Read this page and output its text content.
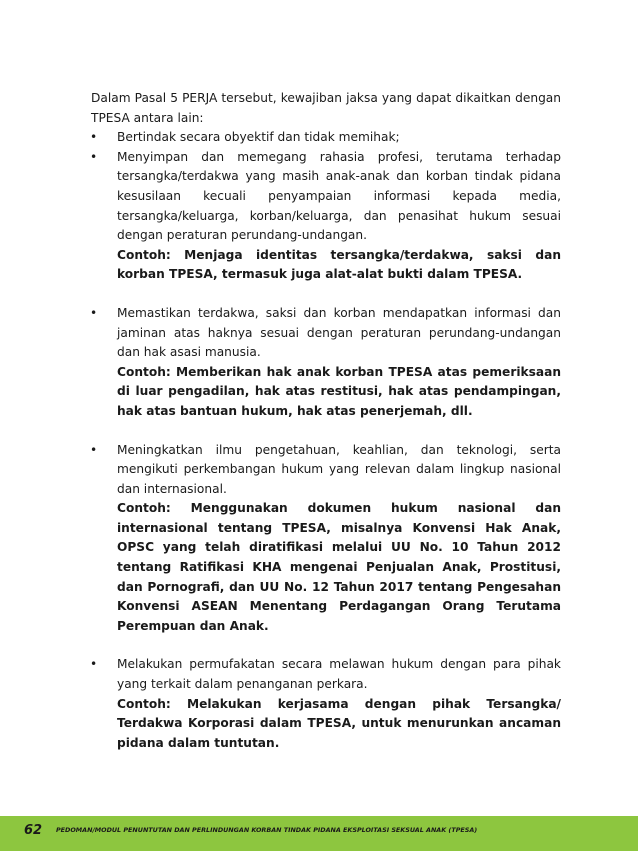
Dalam Pasal 5 PERJA tersebut, kewajiban jaksa yang dapat dikaitkan dengan TPESA antara lain:
• Bertindak secara obyektif dan tidak memihak;
• Menyimpan dan memegang rahasia profesi, terutama terhadap tersangka/terdakwa yang masih anak-anak dan korban tindak pidana kesusilaan kecuali penyampaian informasi kepada media, tersangka/keluarga, korban/keluarga, dan penasihat hukum sesuai dengan peraturan perundang-undangan.
Contoh: Menjaga identitas tersangka/terdakwa, saksi dan korban TPESA, termasuk juga alat-alat bukti dalam TPESA.
• Memastikan terdakwa, saksi dan korban mendapatkan informasi dan jaminan atas haknya sesuai dengan peraturan perundang-undangan dan hak asasi manusia.
Contoh: Memberikan hak anak korban TPESA atas pemeriksaan di luar pengadilan, hak atas restitusi, hak atas pendampingan, hak atas bantuan hukum, hak atas penerjemah, dll.
• Meningkatkan ilmu pengetahuan, keahlian, dan teknologi, serta mengikuti perkembangan hukum yang relevan dalam lingkup nasional dan internasional.
Contoh: Menggunakan dokumen hukum nasional dan internasional tentang TPESA, misalnya Konvensi Hak Anak, OPSC yang telah diratifikasi melalui UU No. 10 Tahun 2012 tentang Ratifikasi KHA mengenai Penjualan Anak, Prostitusi, dan Pornografi, dan UU No. 12 Tahun 2017 tentang Pengesahan Konvensi ASEAN Menentang Perdagangan Orang Terutama Perempuan dan Anak.
• Melakukan permufakatan secara melawan hukum dengan para pihak yang terkait dalam penanganan perkara.
Contoh: Melakukan kerjasama dengan pihak Tersangka/ Terdakwa Korporasi dalam TPESA, untuk menurunkan ancaman pidana dalam tuntutan.
62 PEDOMAN/MODUL PENUNTUTAN DAN PERLINDUNGAN KORBAN TINDAK PIDANA EKSPLOITASI SEKSUAL ANAK (TPESA)
